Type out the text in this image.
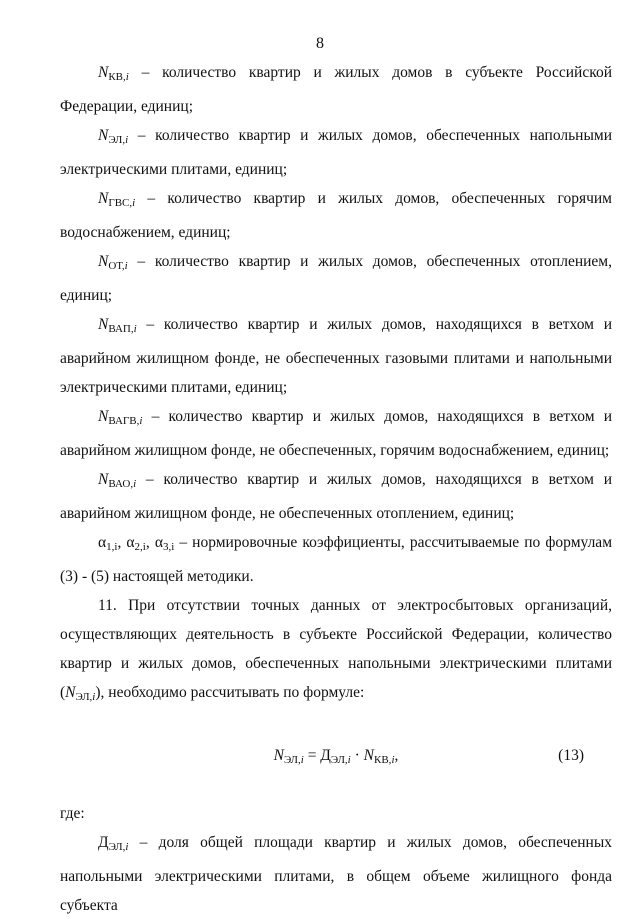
8

$N_{КВ,i}$ – количество квартир и жилых домов в субъекте Российской Федерации, единиц;

$N_{ЭЛ,i}$ – количество квартир и жилых домов, обеспеченных напольными электрическими плитами, единиц;

$N_{ГВС,i}$ – количество квартир и жилых домов, обеспеченных горячим водоснабжением, единиц;

$N_{ОТ,i}$ – количество квартир и жилых домов, обеспеченных отоплением, единиц;

$N_{ВАП,i}$ – количество квартир и жилых домов, находящихся в ветхом и аварийном жилищном фонде, не обеспеченных газовыми плитами и напольными электрическими плитами, единиц;

$N_{ВАГВ,i}$ – количество квартир и жилых домов, находящихся в ветхом и аварийном жилищном фонде, не обеспеченных, горячим водоснабжением, единиц;

$N_{ВАО,i}$ – количество квартир и жилых домов, находящихся в ветхом и аварийном жилищном фонде, не обеспеченных отоплением, единиц;

$\alpha_{1,i}$, $\alpha_{2,i}$, $\alpha_{3,i}$ – нормировочные коэффициенты, рассчитываемые по формулам (3) - (5) настоящей методики.

11. При отсутствии точных данных от электросбытовых организаций, осуществляющих деятельность в субъекте Российской Федерации, количество квартир и жилых домов, обеспеченных напольными электрическими плитами $(N_{ЭЛ,i})$, необходимо рассчитывать по формуле:

$N_{ЭЛ,i} = Д_{ЭЛ,i} \cdot N_{КВ,i}$,	(13)

где:

$Д_{ЭЛ,i}$ – доля общей площади квартир и жилых домов, обеспеченных напольными электрическими плитами, в общем объеме жилищного фонда субъекта
